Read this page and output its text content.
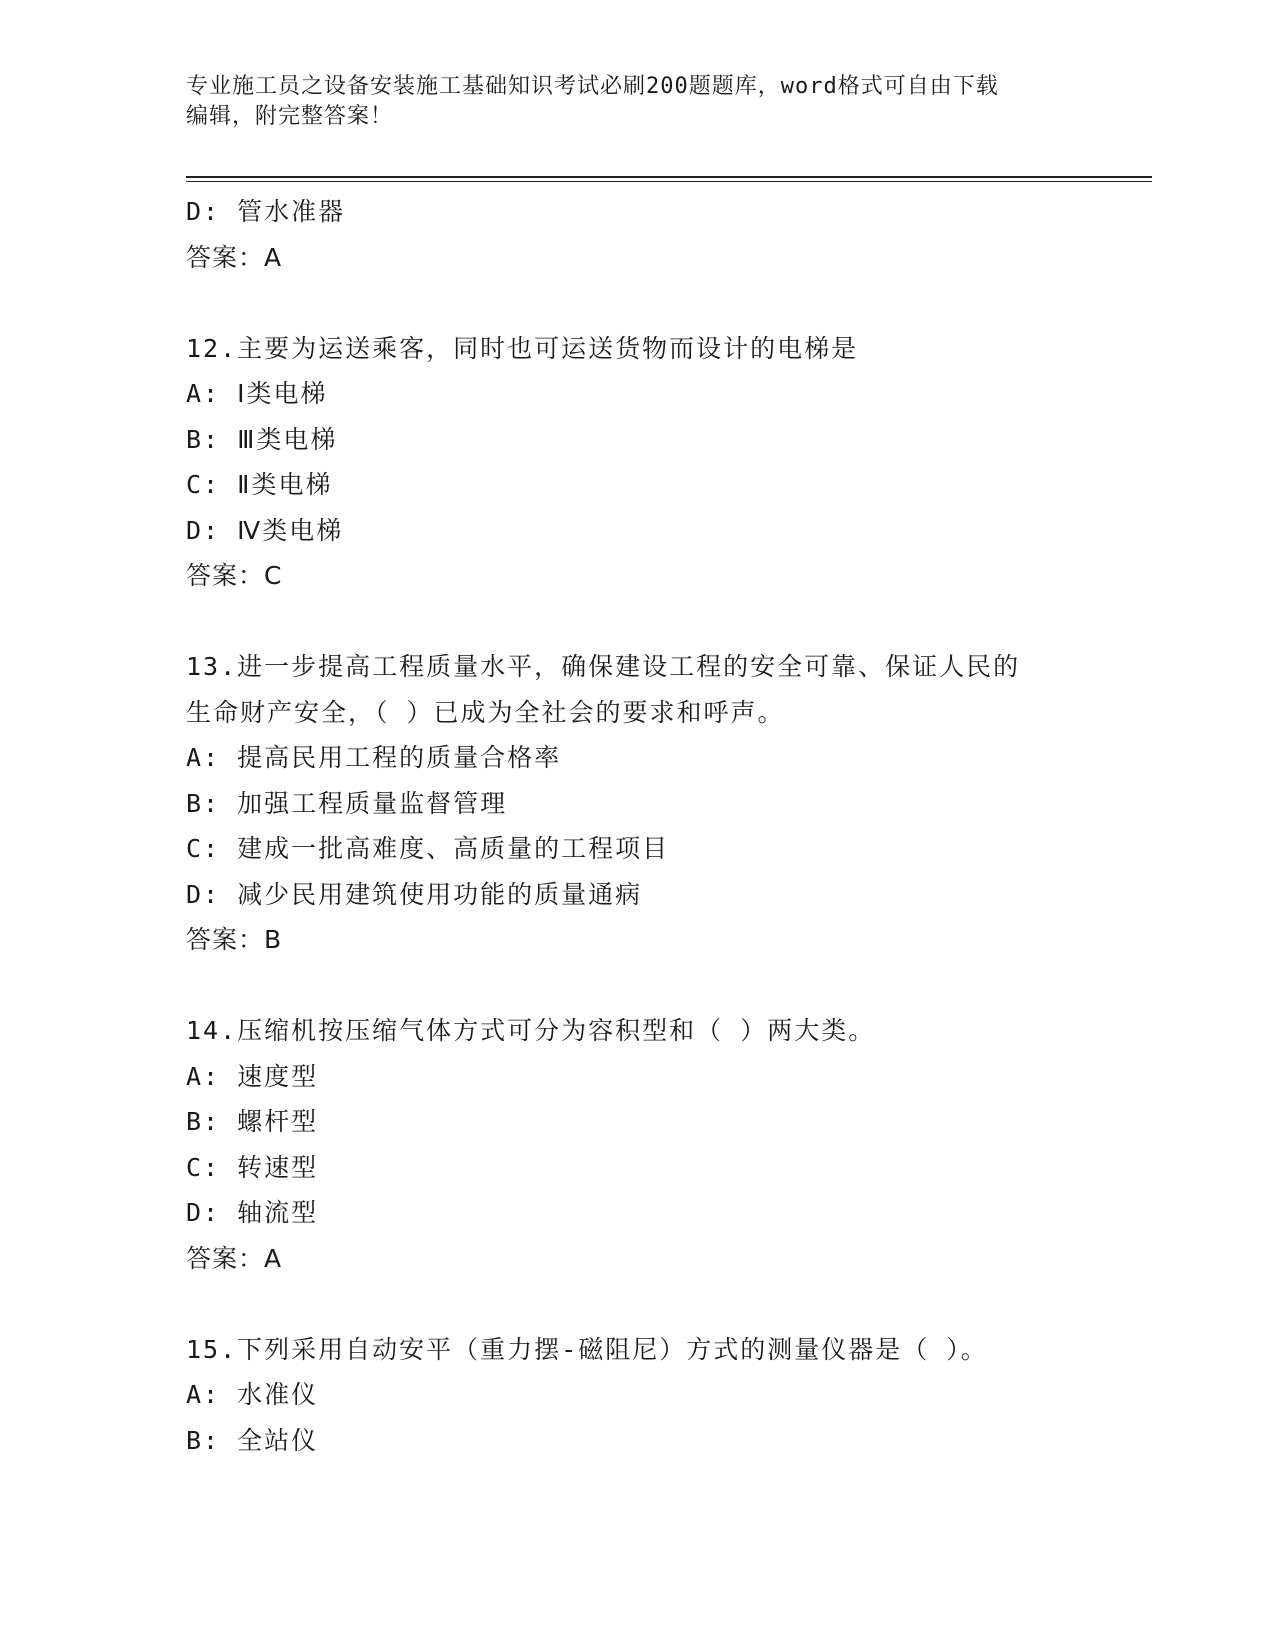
专业施工员之设备安装施工基础知识考试必刷200题题库，word格式可自由下载
编辑，附完整答案！
D: 管水准器
答案：A
12.主要为运送乘客，同时也可运送货物而设计的电梯是
A: Ⅰ类电梯
B: Ⅲ类电梯
C: Ⅱ类电梯
D: Ⅳ类电梯
答案：C
13.进一步提高工程质量水平，确保建设工程的安全可靠、保证人民的
生命财产安全，（ ）已成为全社会的要求和呼声。
A: 提高民用工程的质量合格率
B: 加强工程质量监督管理
C: 建成一批高难度、高质量的工程项目
D: 减少民用建筑使用功能的质量通病
答案：B
14.压缩机按压缩气体方式可分为容积型和（ ）两大类。
A: 速度型
B: 螺杆型
C: 转速型
D: 轴流型
答案：A
15.下列采用自动安平（重力摆-磁阻尼）方式的测量仪器是（ ）。
A: 水准仪
B: 全站仪
